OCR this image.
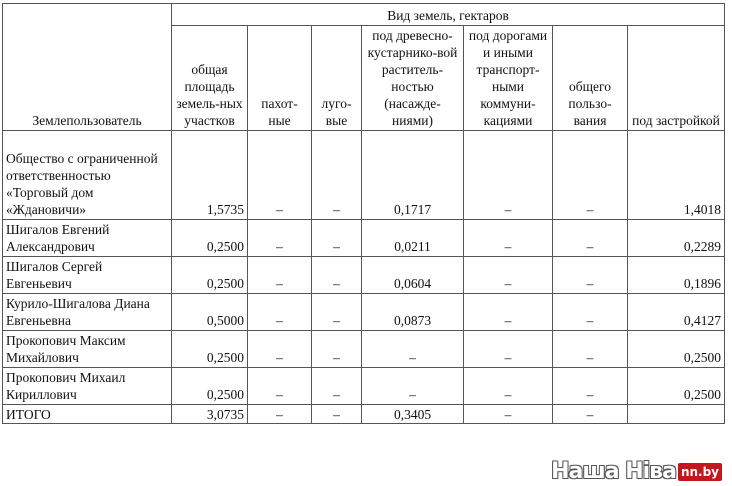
Землепользователь	Вид земель, гектаров						
	общая площадь земель-ных участков	пахот-ные	луго-вые	под древесно-кустарнико-вой раститель-ностью (насажде-ниями)	под дорогами и иными транспорт-ными коммуни-кациями	общего пользо-вания	под застройкой
Общество с ограниченной ответственностью «Торговый дом «Ждановичи»	1,5735	–	–	0,1717	–	–	1,4018
Шигалов Евгений Александрович	0,2500	–	–	0,0211	–	–	0,2289
Шигалов Сергей Евгеньевич	0,2500	–	–	0,0604	–	–	0,1896
Курило-Шигалова Диана Евгеньевна	0,5000	–	–	0,0873	–	–	0,4127
Прокопович Максим Михайлович	0,2500	–	–	–	–	–	0,2500
Прокопович Михаил Кириллович	0,2500	–	–	–	–	–	0,2500
ИТОГО	3,0735	–	–	0,3405	–	–	
Наша Ніва nn.by
